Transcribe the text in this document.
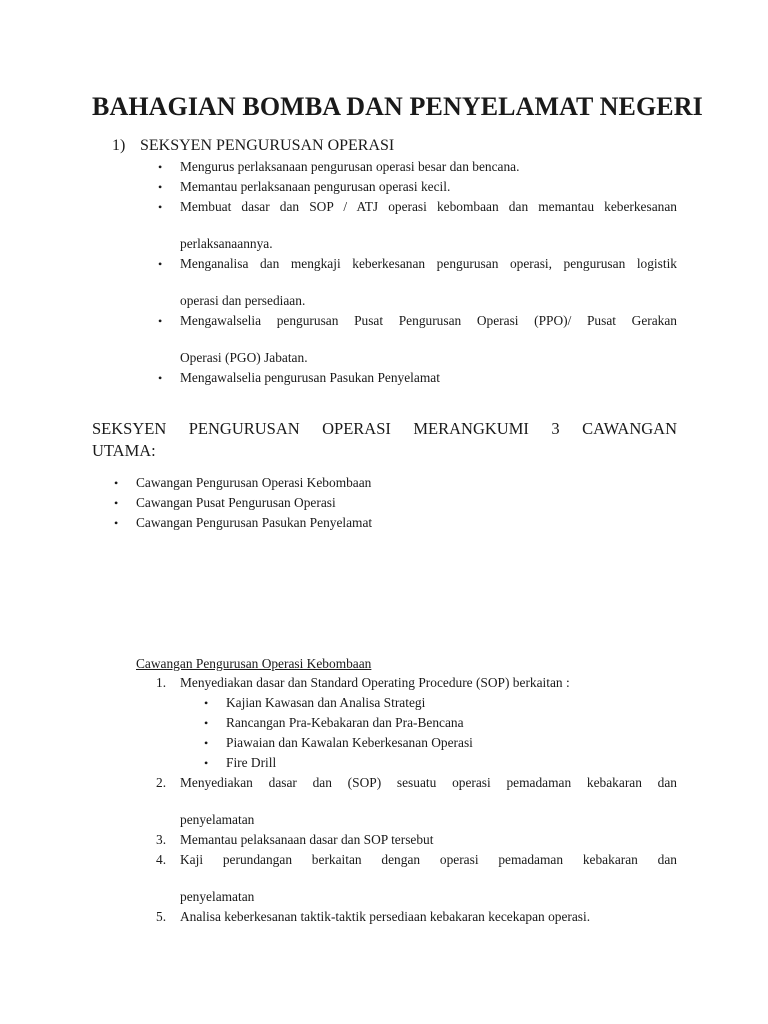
BAHAGIAN BOMBA DAN PENYELAMAT NEGERI
1) SEKSYEN PENGURUSAN OPERASI
• Mengurus perlaksanaan pengurusan operasi besar dan bencana.
• Memantau perlaksanaan pengurusan operasi kecil.
• Membuat dasar dan SOP / ATJ operasi kebombaan dan memantau keberkesanan
perlaksanaannya.
• Menganalisa dan mengkaji keberkesanan pengurusan operasi, pengurusan logistik
operasi dan persediaan.
• Mengawalselia pengurusan Pusat Pengurusan Operasi (PPO)/ Pusat Gerakan
Operasi (PGO) Jabatan.
• Mengawalselia pengurusan Pasukan Penyelamat
SEKSYEN PENGURUSAN OPERASI MERANGKUMI 3 CAWANGAN
UTAMA:
• Cawangan Pengurusan Operasi Kebombaan
• Cawangan Pusat Pengurusan Operasi
• Cawangan Pengurusan Pasukan Penyelamat
Cawangan Pengurusan Operasi Kebombaan
1. Menyediakan dasar dan Standard Operating Procedure (SOP) berkaitan :
• Kajian Kawasan dan Analisa Strategi
• Rancangan Pra-Kebakaran dan Pra-Bencana
• Piawaian dan Kawalan Keberkesanan Operasi
• Fire Drill
2. Menyediakan dasar dan (SOP) sesuatu operasi pemadaman kebakaran dan
penyelamatan
3. Memantau pelaksanaan dasar dan SOP tersebut
4. Kaji perundangan berkaitan dengan operasi pemadaman kebakaran dan
penyelamatan
5. Analisa keberkesanan taktik-taktik persediaan kebakaran kecekapan operasi.
